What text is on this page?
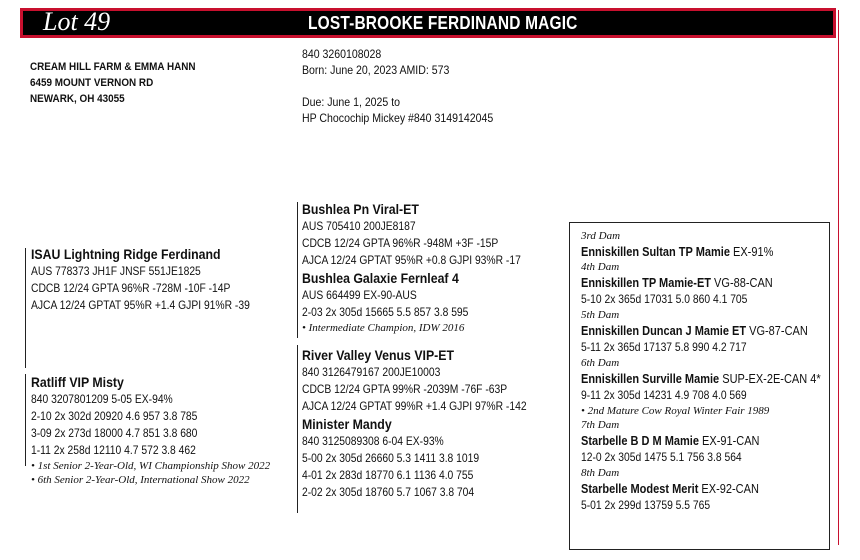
Lot 49	LOST-BROOKE FERDINAND MAGIC
CREAM HILL FARM & EMMA HANN
6459 MOUNT VERNON RD
NEWARK, OH 43055
840 3260108028
Born: June 20, 2023 AMID: 573
Due: June 1, 2025 to
HP Chocochip Mickey #840 3149142045
ISAU Lightning Ridge Ferdinand
AUS 778373 JH1F JNSF 551JE1825
CDCB 12/24 GPTA 96%R -728M -10F -14P
AJCA 12/24 GPTAT 95%R +1.4 GJPI 91%R -39
Ratliff VIP Misty
840 3207801209 5-05 EX-94%
2-10 2x 302d 20920 4.6 957 3.8 785
3-09 2x 273d 18000 4.7 851 3.8 680
1-11 2x 258d 12110 4.7 572 3.8 462
• 1st Senior 2-Year-Old, WI Championship Show 2022
• 6th Senior 2-Year-Old, International Show 2022
Bushlea Pn Viral-ET
AUS 705410 200JE8187
CDCB 12/24 GPTA 96%R -948M +3F -15P
AJCA 12/24 GPTAT 95%R +0.8 GJPI 93%R -17
Bushlea Galaxie Fernleaf 4
AUS 664499 EX-90-AUS
2-03 2x 305d 15665 5.5 857 3.8 595
• Intermediate Champion, IDW 2016
River Valley Venus VIP-ET
840 3126479167 200JE10003
CDCB 12/24 GPTA 99%R -2039M -76F -63P
AJCA 12/24 GPTAT 99%R +1.4 GJPI 97%R -142
Minister Mandy
840 3125089308 6-04 EX-93%
5-00 2x 305d 26660 5.3 1411 3.8 1019
4-01 2x 283d 18770 6.1 1136 4.0 755
2-02 2x 305d 18760 5.7 1067 3.8 704
3rd Dam
Enniskillen Sultan TP Mamie EX-91%
4th Dam
Enniskillen TP Mamie-ET VG-88-CAN
5-10 2x 365d 17031 5.0 860 4.1 705
5th Dam
Enniskillen Duncan J Mamie ET VG-87-CAN
5-11 2x 365d 17137 5.8 990 4.2 717
6th Dam
Enniskillen Surville Mamie SUP-EX-2E-CAN 4*
9-11 2x 305d 14231 4.9 708 4.0 569
• 2nd Mature Cow Royal Winter Fair 1989
7th Dam
Starbelle B D M Mamie EX-91-CAN
12-0 2x 305d 1475 5.1 756 3.8 564
8th Dam
Starbelle Modest Merit EX-92-CAN
5-01 2x 299d 13759 5.5 765
